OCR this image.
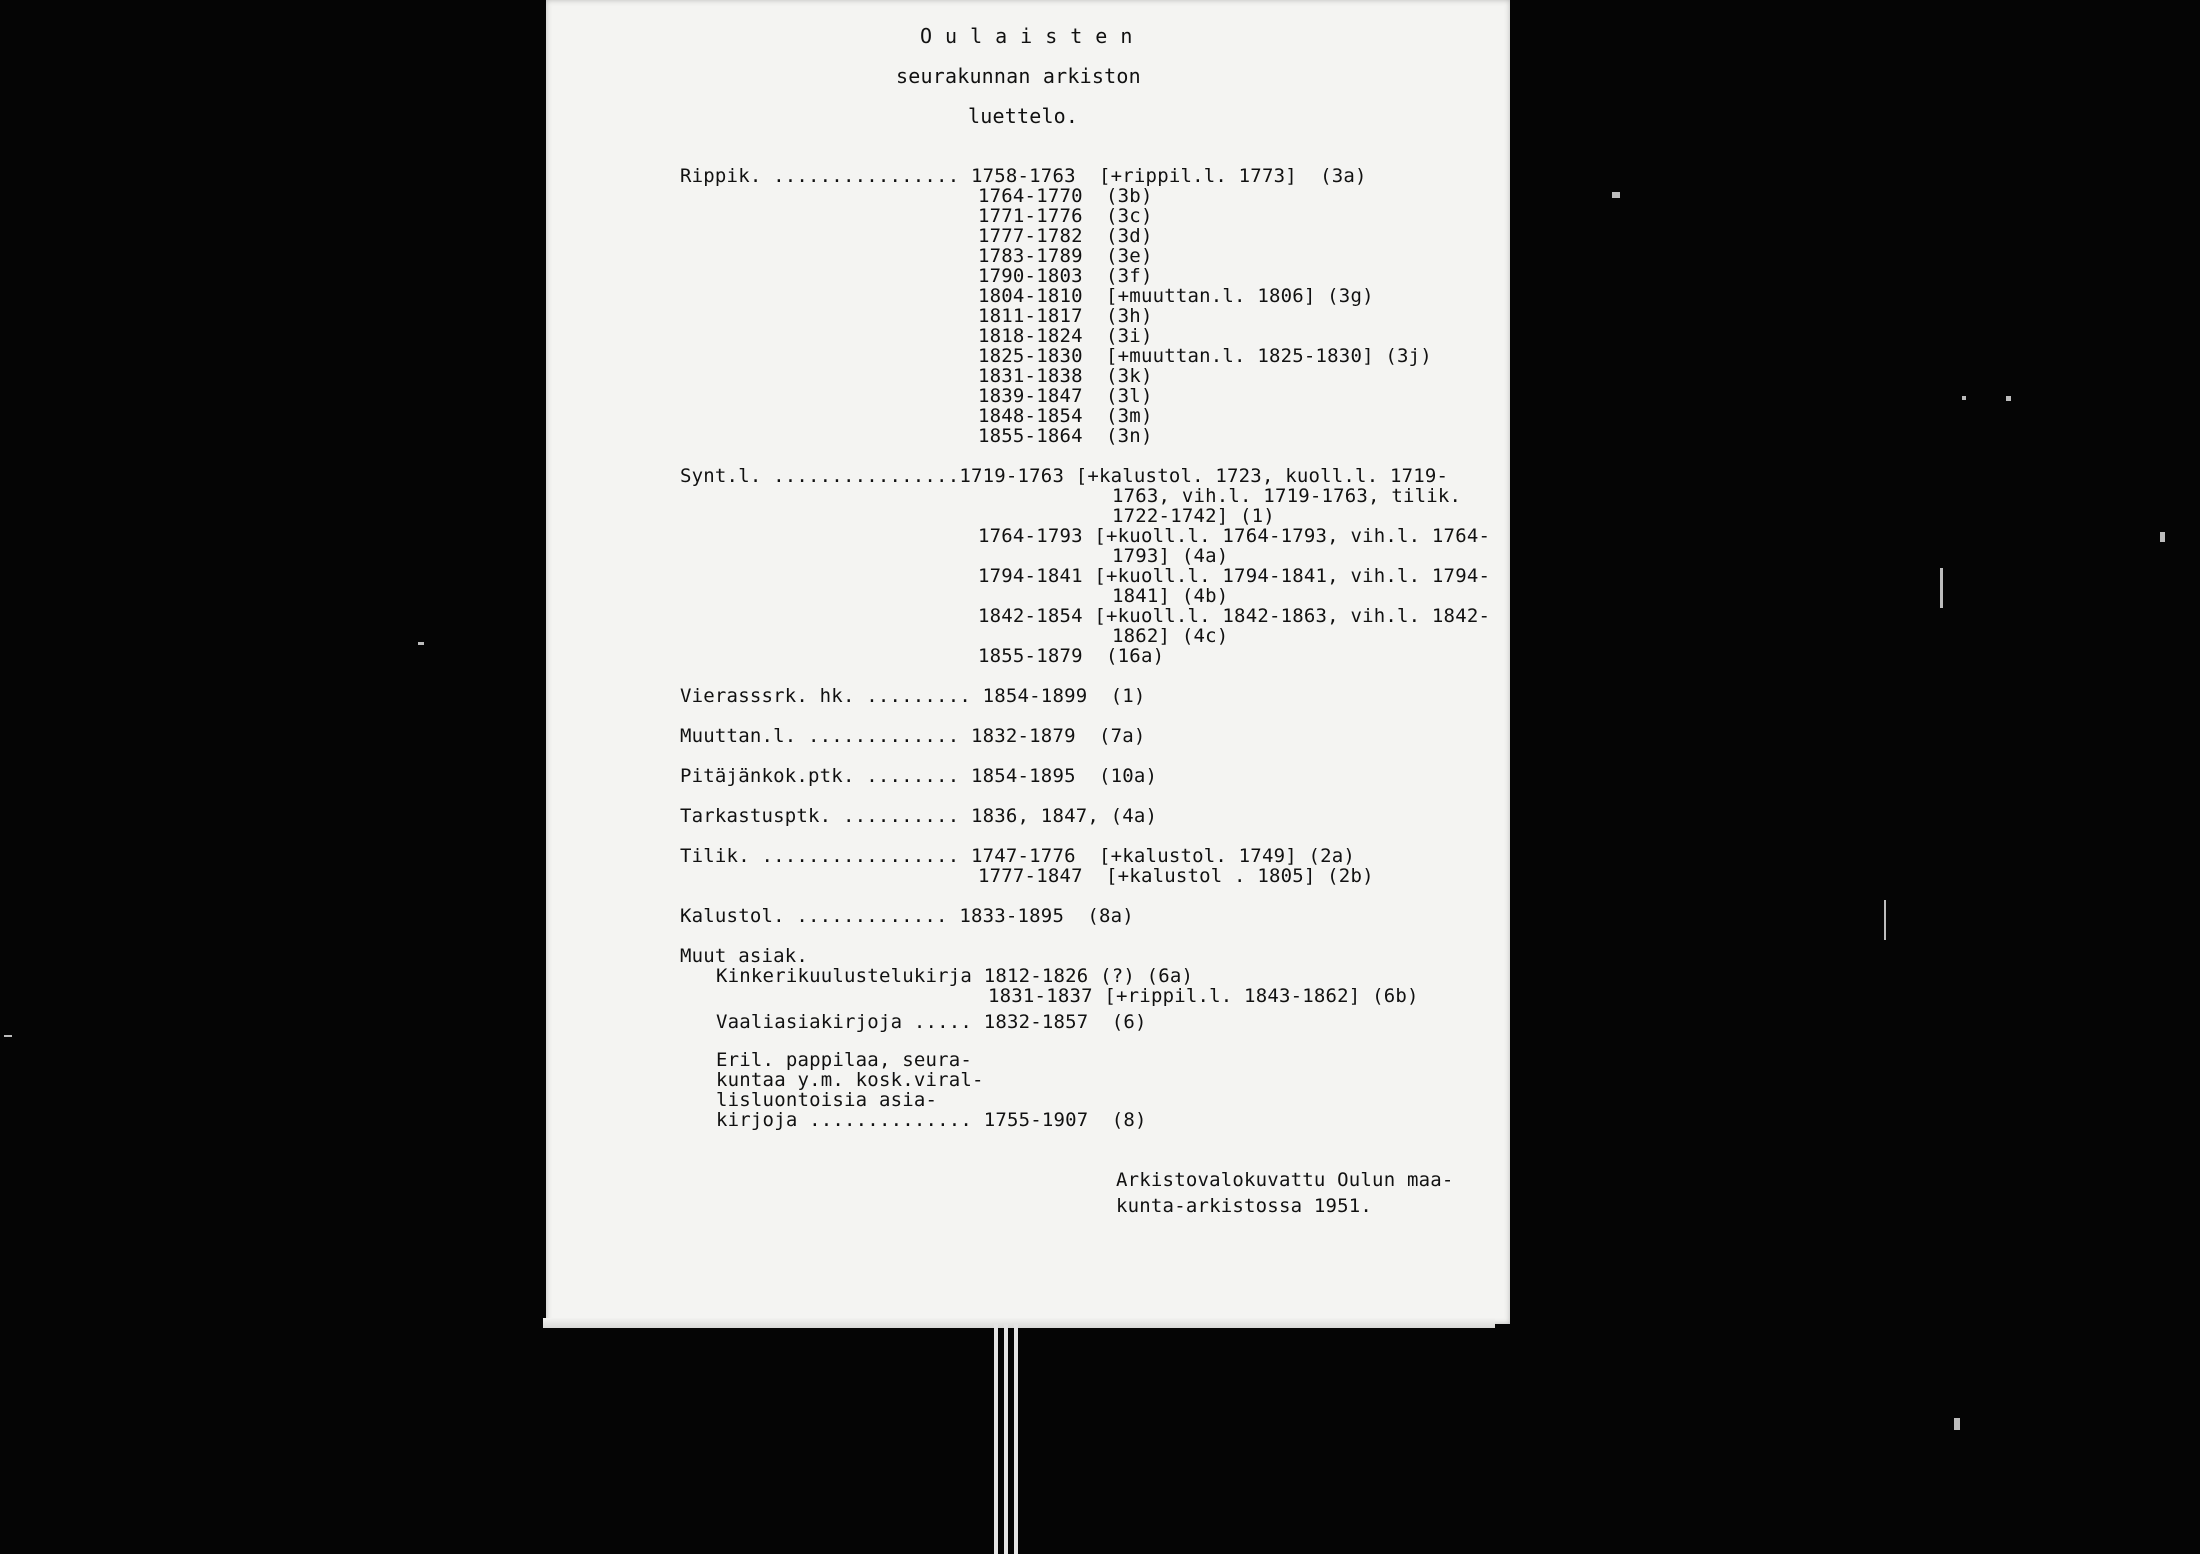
Oulaisten
seurakunnan arkiston
luettelo.
Rippik. ................ 1758-1763  [+rippil.l. 1773]  (3a)
1764-1770  (3b)
1771-1776  (3c)
1777-1782  (3d)
1783-1789  (3e)
1790-1803  (3f)
1804-1810  [+muuttan.l. 1806] (3g)
1811-1817  (3h)
1818-1824  (3i)
1825-1830  [+muuttan.l. 1825-1830] (3j)
1831-1838  (3k)
1839-1847  (3l)
1848-1854  (3m)
1855-1864  (3n)
Synt.l. ................1719-1763 [+kalustol. 1723, kuoll.l. 1719-
1763, vih.l. 1719-1763, tilik.
1722-1742] (1)
1764-1793 [+kuoll.l. 1764-1793, vih.l. 1764-
1793] (4a)
1794-1841 [+kuoll.l. 1794-1841, vih.l. 1794-
1841] (4b)
1842-1854 [+kuoll.l. 1842-1863, vih.l. 1842-
1862] (4c)
1855-1879  (16a)
Vierasssrk. hk. ......... 1854-1899  (1)
Muuttan.l. ............. 1832-1879  (7a)
Pitäjänkok.ptk. ........ 1854-1895  (10a)
Tarkastusptk. .......... 1836, 1847, (4a)
Tilik. ................. 1747-1776  [+kalustol. 1749] (2a)
1777-1847  [+kalustol . 1805] (2b)
Kalustol. ............. 1833-1895  (8a)
Muut asiak.
Kinkerikuulustelukirja 1812-1826 (?) (6a)
1831-1837 [+rippil.l. 1843-1862] (6b)
Vaaliasiakirjoja ..... 1832-1857  (6)
Eril. pappilaa, seura-
kuntaa y.m. kosk.viral-
lisluontoisia asia-
kirjoja .............. 1755-1907  (8)
Arkistovalokuvattu Oulun maa-
kunta-arkistossa 1951.
